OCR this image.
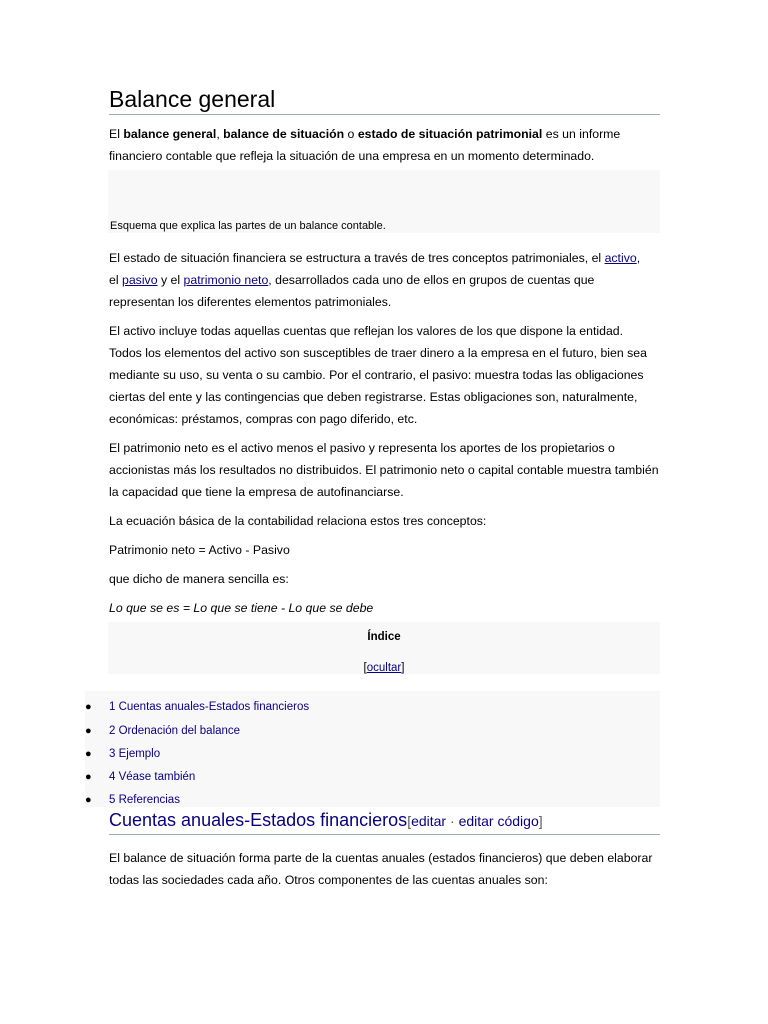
Balance general

El balance general, balance de situación o estado de situación patrimonial es un informe
financiero contable que refleja la situación de una empresa en un momento determinado.

Esquema que explica las partes de un balance contable.

El estado de situación financiera se estructura a través de tres conceptos patrimoniales, el activo,
el pasivo y el patrimonio neto, desarrollados cada uno de ellos en grupos de cuentas que
representan los diferentes elementos patrimoniales.

El activo incluye todas aquellas cuentas que reflejan los valores de los que dispone la entidad.
Todos los elementos del activo son susceptibles de traer dinero a la empresa en el futuro, bien sea
mediante su uso, su venta o su cambio. Por el contrario, el pasivo: muestra todas las obligaciones
ciertas del ente y las contingencias que deben registrarse. Estas obligaciones son, naturalmente,
económicas: préstamos, compras con pago diferido, etc.

El patrimonio neto es el activo menos el pasivo y representa los aportes de los propietarios o
accionistas más los resultados no distribuidos. El patrimonio neto o capital contable muestra también
la capacidad que tiene la empresa de autofinanciarse.

La ecuación básica de la contabilidad relaciona estos tres conceptos:

Patrimonio neto = Activo - Pasivo

que dicho de manera sencilla es:

Lo que se es = Lo que se tiene - Lo que se debe

Índice
[ocultar]
● 1 Cuentas anuales-Estados financieros
● 2 Ordenación del balance
● 3 Ejemplo
● 4 Véase también
● 5 Referencias
Cuentas anuales-Estados financieros[editar · editar código]

El balance de situación forma parte de la cuentas anuales (estados financieros) que deben elaborar
todas las sociedades cada año. Otros componentes de las cuentas anuales son:
